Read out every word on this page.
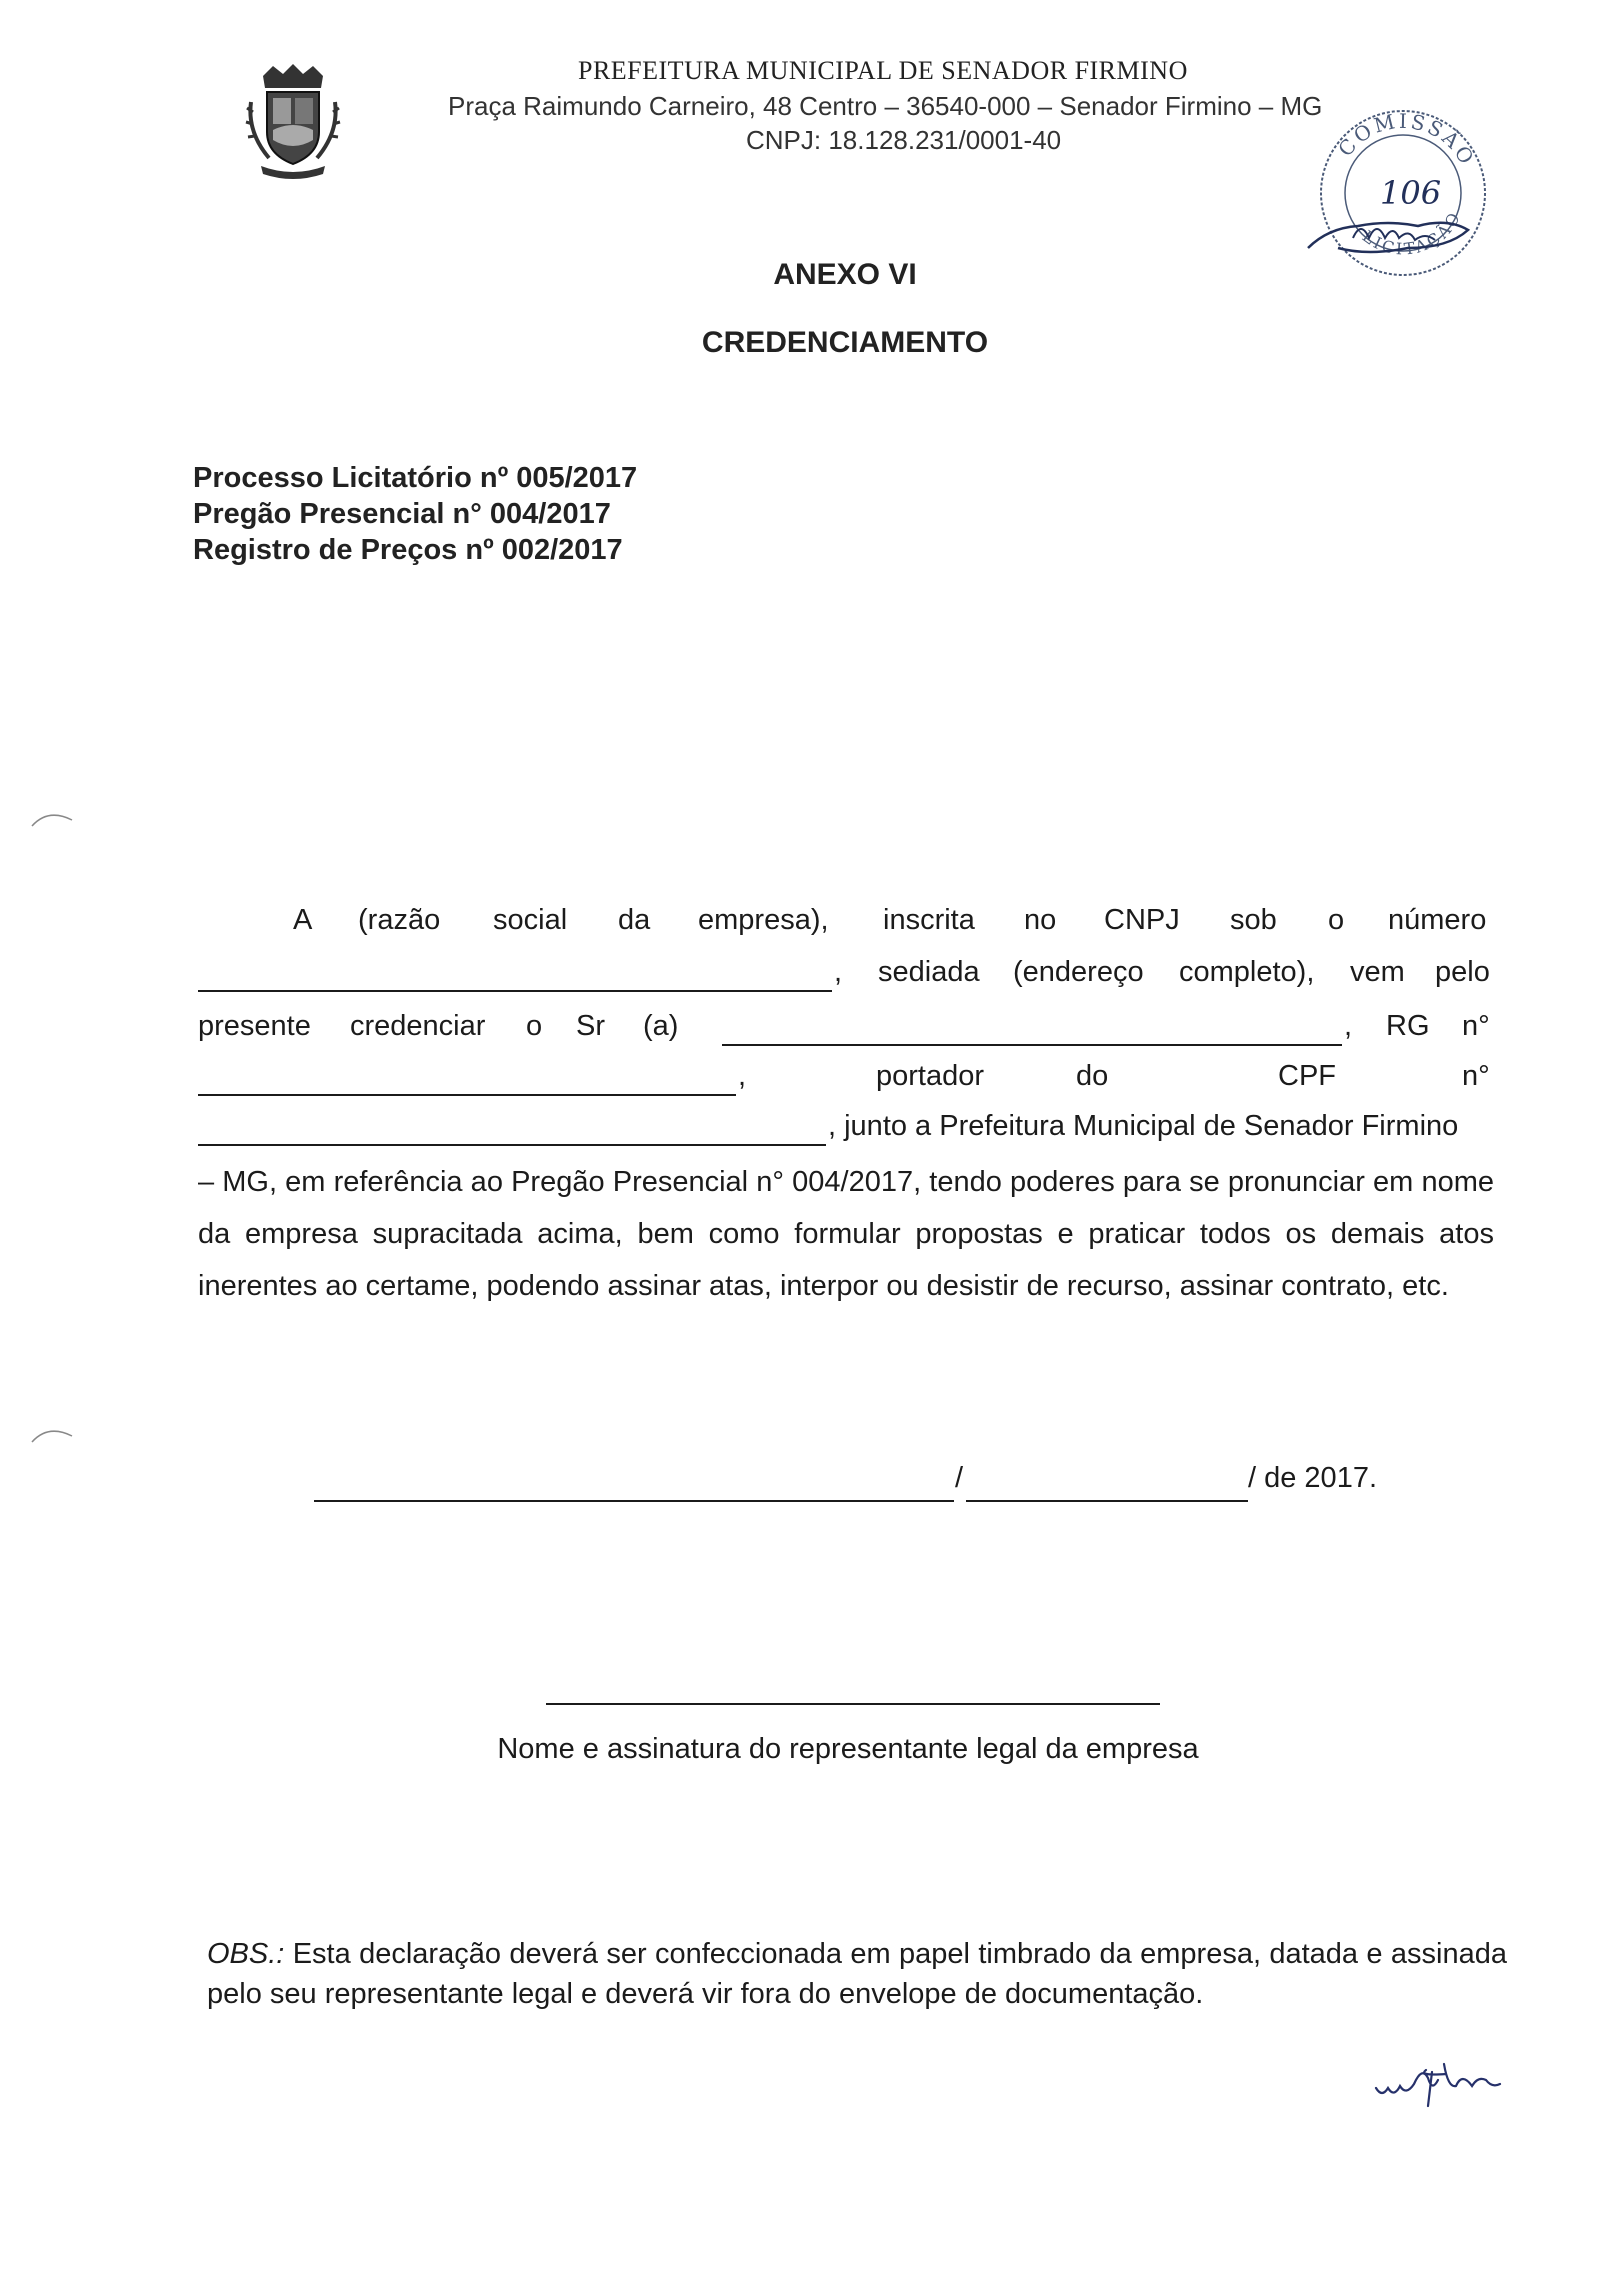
PREFEITURA MUNICIPAL DE SENADOR FIRMINO
Praça Raimundo Carneiro, 48 Centro – 36540-000 – Senador Firmino – MG
CNPJ: 18.128.231/0001-40	COMISSÃO
LICITAÇÃO
106
ANEXO VI
CREDENCIAMENTO
Processo Licitatório nº 005/2017
Pregão Presencial n° 004/2017
Registro de Preços nº 002/2017
A (razão social da empresa), inscrita no CNPJ sob o número
, sediada (endereço completo), vem pelo
presente credenciar o Sr (a)	, RG n°
,	portador	do	CPF	n°
, junto a Prefeitura Municipal de Senador Firmino
– MG, em referência ao Pregão Presencial n° 004/2017, tendo poderes para se pronunciar em nome da empresa supracitada acima, bem como formular propostas e praticar todos os demais atos inerentes ao certame, podendo assinar atas, interpor ou desistir de recurso, assinar contrato, etc.
/	/ de 2017.
Nome e assinatura do representante legal da empresa
OBS.: Esta declaração deverá ser confeccionada em papel timbrado da empresa, datada e assinada pelo seu representante legal e deverá vir fora do envelope de documentação.
